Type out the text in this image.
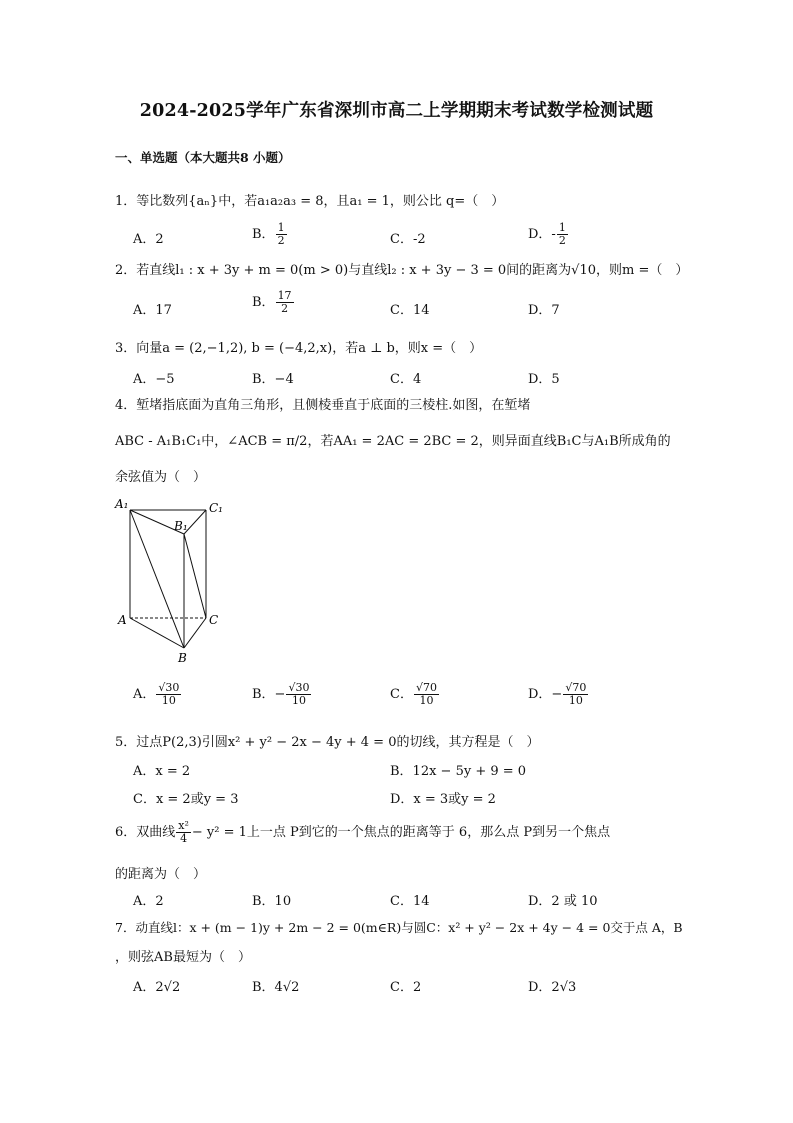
2024-2025学年广东省深圳市高二上学期期末考试数学检测试题
一、单选题（本大题共8 小题）
1．等比数列{aₙ}中，若a₁a₂a₃ = 8，且a₁ = 1，则公比 q=（　）
A．2	B． $\frac{1}{2}$	C．-2	D．- $\frac{1}{2}$
2．若直线l₁ : x + 3y + m = 0(m > 0)与直线l₂ : x + 3y − 3 = 0间的距离为√10，则m =（　）
A．17
B． $\frac{17}{2}$	C．14	D．7
3．向量a = (2,−1,2), b = (−4,2,x)，若a ⊥ b，则x =（　）
A．−5	B．−4	C．4	D．5
4．堑堵指底面为直角三角形，且侧棱垂直于底面的三棱柱.如图，在堑堵
ABC - A₁B₁C₁中，∠ACB = π/2，若AA₁ = 2AC = 2BC = 2，则异面直线B₁C与A₁B所成角的
余弦值为（　）
A₁	C₁
B₁
A	C
B
A． $\frac{√30}{10}$	B．− $\frac{√30}{10}$	C． $\frac{√70}{10}$	D．− $\frac{√70}{10}$
5．过点P(2,3)引圆x² + y² − 2x − 4y + 4 = 0的切线，其方程是（　）
A．x = 2	B．12x − 5y + 9 = 0
C．x = 2或y = 3	D．x = 3或y = 2
6．双曲线 $\frac{\text{x²}}{4} - y^2 = 1$上一点 P到它的一个焦点的距离等于 6，那么点 P到另一个焦点
的距离为（　）
A．2	B．10	C．14	D．2 或 10
7．动直线l：x + (m − 1)y + 2m − 2 = 0(m∈R)与圆C：x² + y² − 2x + 4y − 4 = 0交于点 A，B
，则弦AB最短为（　）
A．2√2	B．4√2	C．2	D．2√3
